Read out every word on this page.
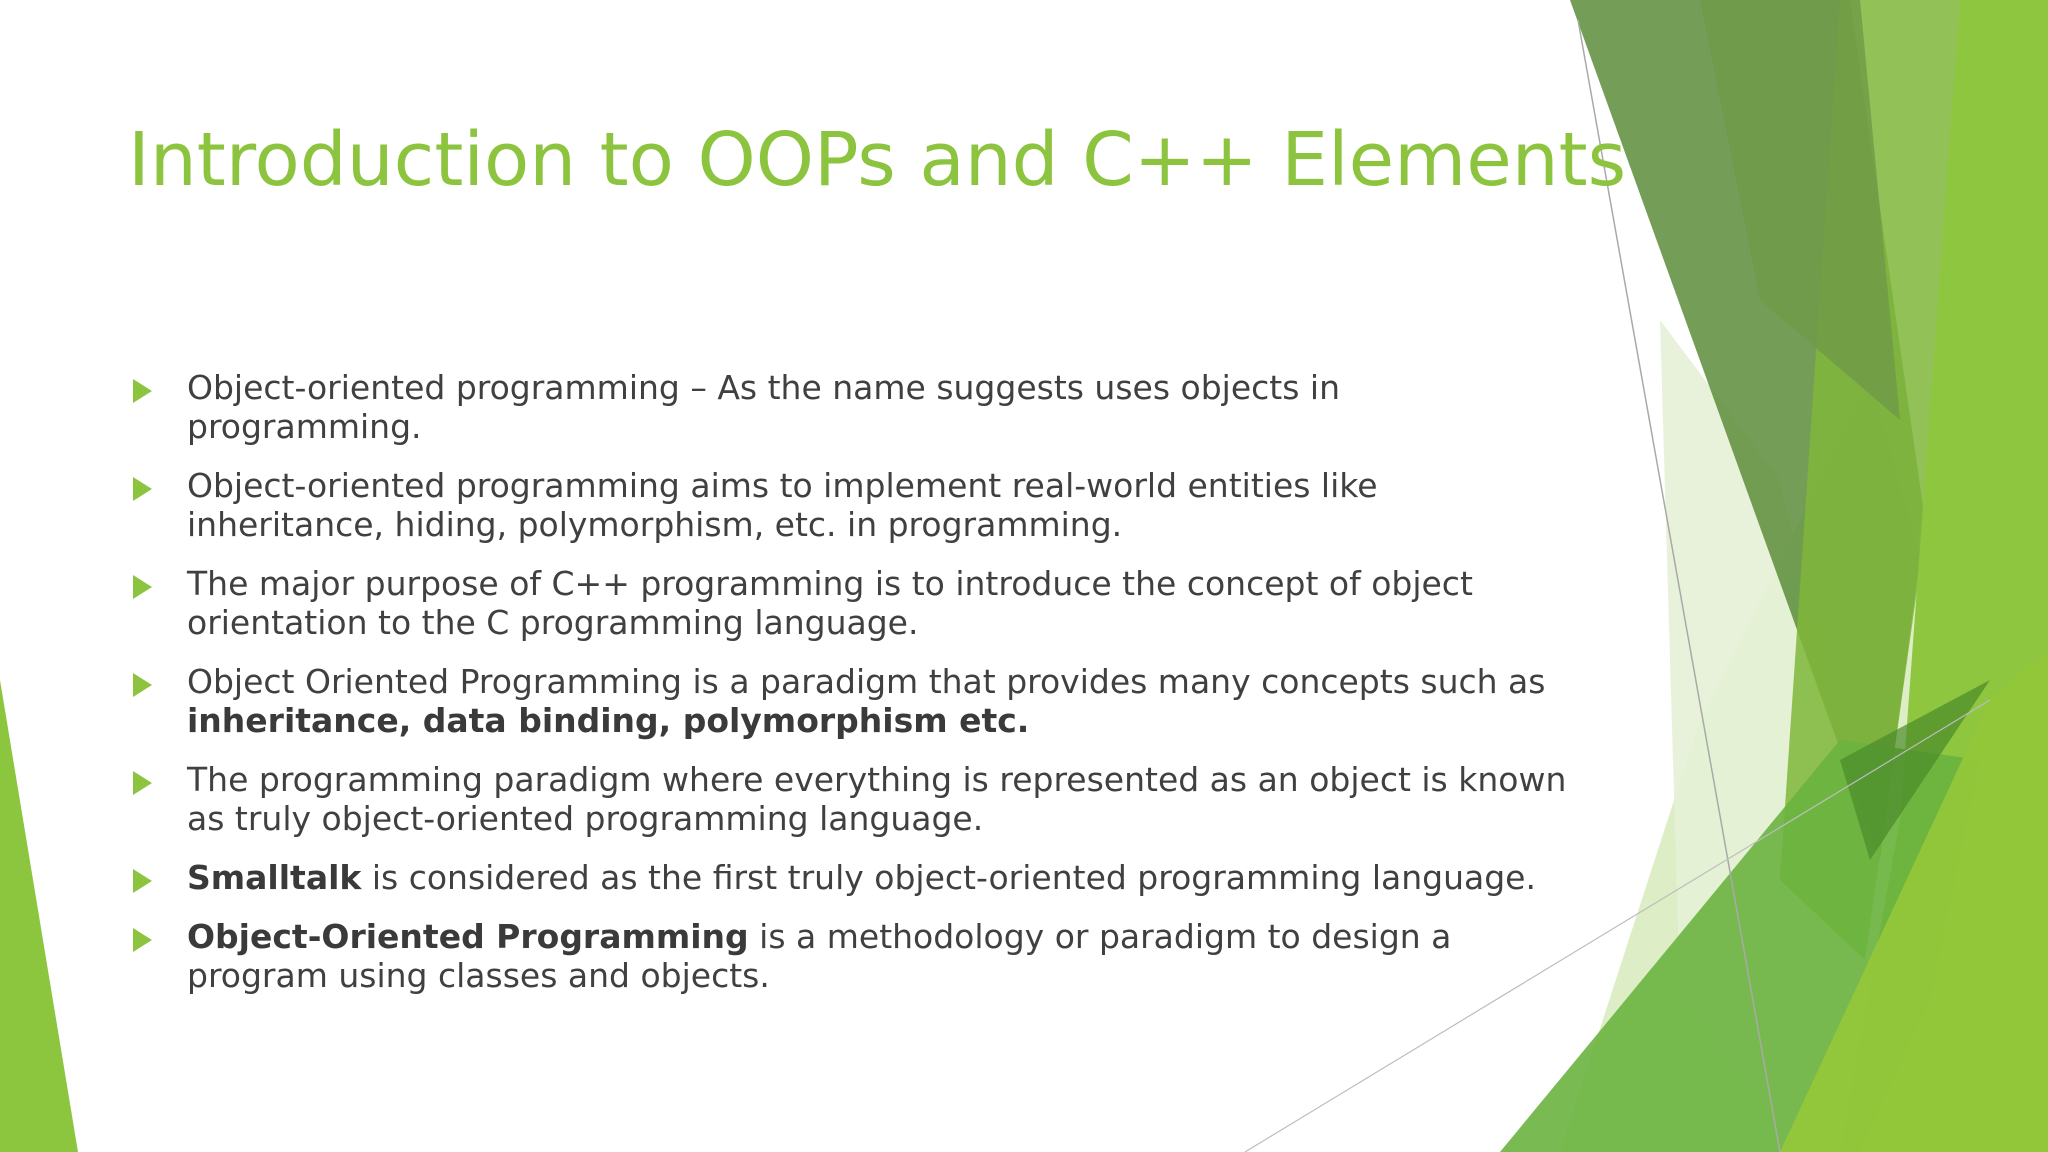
Introduction to OOPs and C++ Elements
Object-oriented programming – As the name suggests uses objects in programming.
Object-oriented programming aims to implement real-world entities like inheritance, hiding, polymorphism, etc. in programming.
The major purpose of C++ programming is to introduce the concept of object orientation to the C programming language.
Object Oriented Programming is a paradigm that provides many concepts such as inheritance, data binding, polymorphism etc.
The programming paradigm where everything is represented as an object is known as truly object-oriented programming language.
Smalltalk is considered as the first truly object-oriented programming language.
Object-Oriented Programming is a methodology or paradigm to design a program using classes and objects.
